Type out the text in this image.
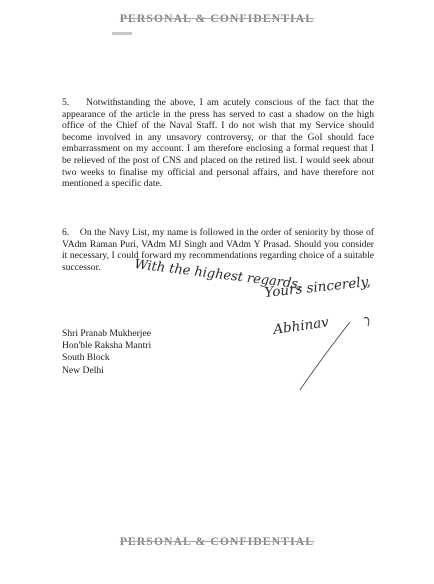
PERSONAL & CONFIDENTIAL

5.    Notwithstanding the above, I am acutely conscious of the fact that the appearance of the article in the press has served to cast a shadow on the high office of the Chief of the Naval Staff. I do not wish that my Service should become involved in any unsavory controversy, or that the GoI should face embarrassment on my account. I am therefore enclosing a formal request that I be relieved of the post of CNS and placed on the retired list. I would seek about two weeks to finalise my official and personal affairs, and have therefore not mentioned a specific date.

6.    On the Navy List, my name is followed in the order of seniority by those of VAdm Raman Puri, VAdm MJ Singh and VAdm Y Prasad. Should you consider it necessary, I could forward my recommendations regarding choice of a suitable successor.	With the highest regards,
Yours sincerely,
Abhinav
Shri Pranab Mukherjee
Hon'ble Raksha Mantri
South Block
New Delhi
PERSONAL & CONFIDENTIAL
